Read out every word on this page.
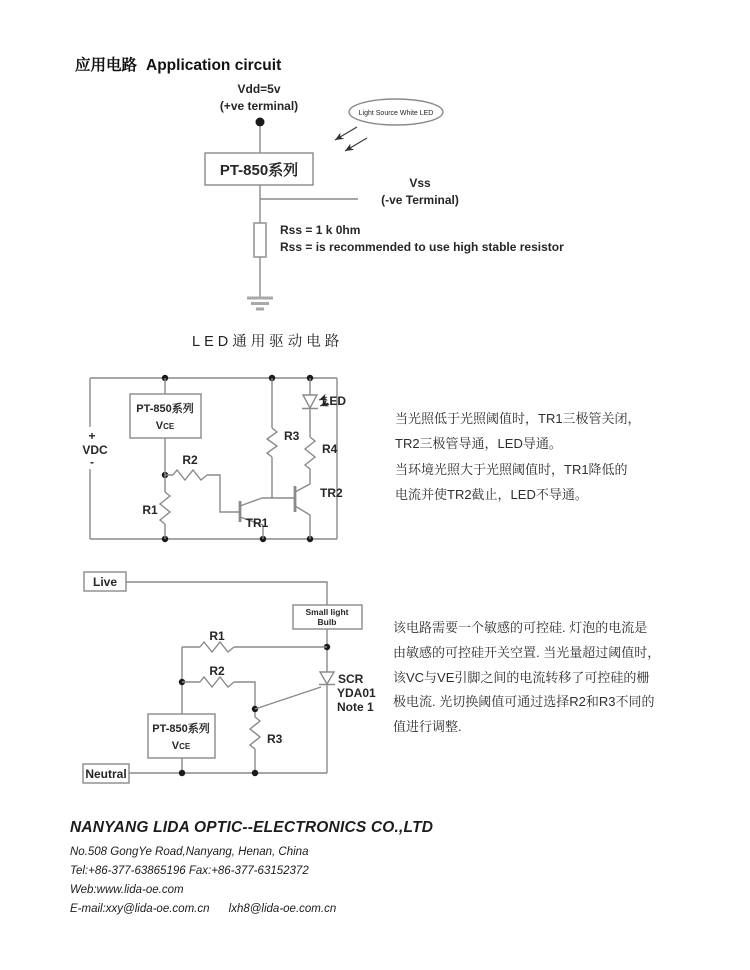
应用电路 Application circuit
Vdd=5v
(+ve terminal)
PT-850系列
Vss
(-ve Terminal)
Rss = 1 k 0hm
Rss = is recommended to use high stable resistor
Light Source White LED
+
VDC
-
PT-850系列
VCE
R1
R2
TR1
R3
LED
R4
TR2
Live
Small light
Bulb
R1
R2
SCR
YDA01
Note 1
R3
PT-850系列
VCE
Neutral
LED通用驱动电路
当光照低于光照阈值时，TR1三极管关闭，
TR2三极管导通，LED导通。
当环境光照大于光照阈值时，TR1降低的
电流并使TR2截止，LED不导通。
该电路需要一个敏感的可控硅. 灯泡的电流是
由敏感的可控硅开关空置. 当光量超过阈值时，
该VC与VE引脚之间的电流转移了可控硅的栅
极电流. 光切换阈值可通过选择R2和R3不同的
值进行调整.
NANYANG LIDA OPTIC--ELECTRONICS CO.,LTD
No.508 GongYe Road,Nanyang, Henan, China
Tel:+86-377-63865196 Fax:+86-377-63152372
Web:www.lida-oe.com
E-mail:xxy@lida-oe.com.cn      lxh8@lida-oe.com.cn
